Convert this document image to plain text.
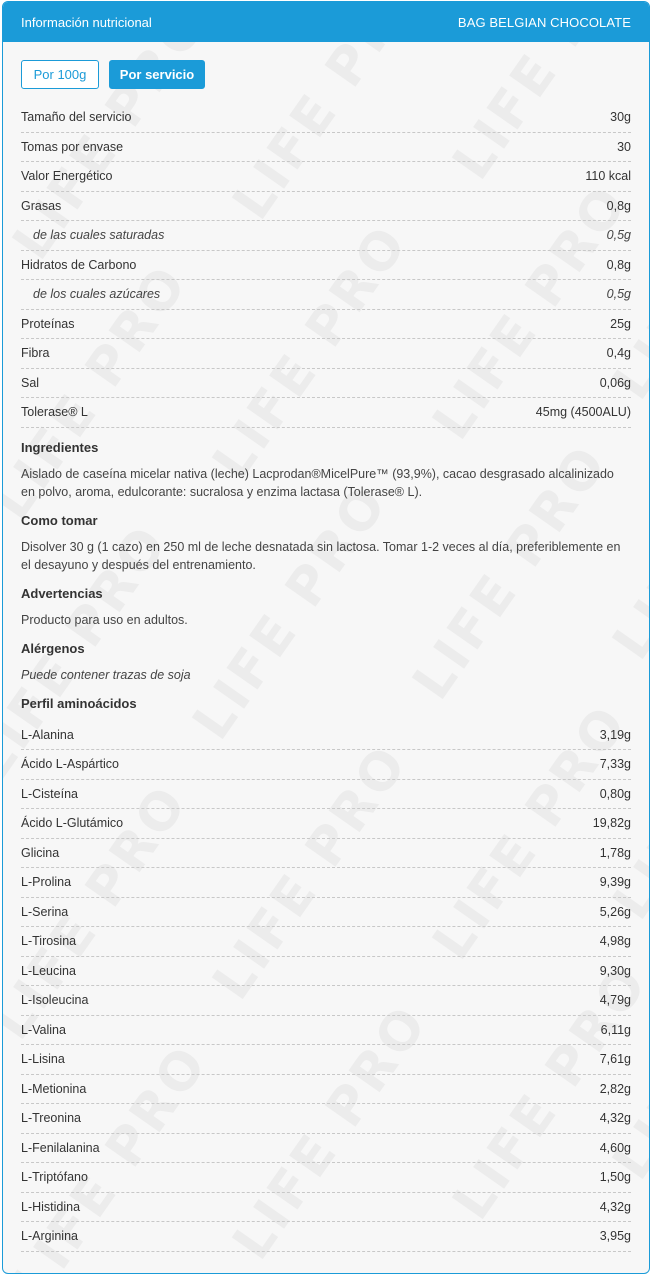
Información nutricional	BAG BELGIAN CHOCOLATE
Por 100g	Por servicio
Tamaño del servicio	30g
Tomas por envase	30
Valor Energético	110 kcal
Grasas	0,8g
de las cuales saturadas	0,5g
Hidratos de Carbono	0,8g
de los cuales azúcares	0,5g
Proteínas	25g
Fibra	0,4g
Sal	0,06g
Tolerase® L	45mg (4500ALU)
Ingredientes
Aislado de caseína micelar nativa (leche) Lacprodan®MicelPure™ (93,9%), cacao desgrasado alcalinizado en polvo, aroma, edulcorante: sucralosa y enzima lactasa (Tolerase® L).
Como tomar
Disolver 30 g (1 cazo) en 250 ml de leche desnatada sin lactosa. Tomar 1-2 veces al día, preferiblemente en el desayuno y después del entrenamiento.
Advertencias
Producto para uso en adultos.
Alérgenos
Puede contener trazas de soja
Perfil aminoácidos
L-Alanina	3,19g
Ácido L-Aspártico	7,33g
L-Cisteína	0,80g
Ácido L-Glutámico	19,82g
Glicina	1,78g
L-Prolina	9,39g
L-Serina	5,26g
L-Tirosina	4,98g
L-Leucina	9,30g
L-Isoleucina	4,79g
L-Valina	6,11g
L-Lisina	7,61g
L-Metionina	2,82g
L-Treonina	4,32g
L-Fenilalanina	4,60g
L-Triptófano	1,50g
L-Histidina	4,32g
L-Arginina	3,95g
